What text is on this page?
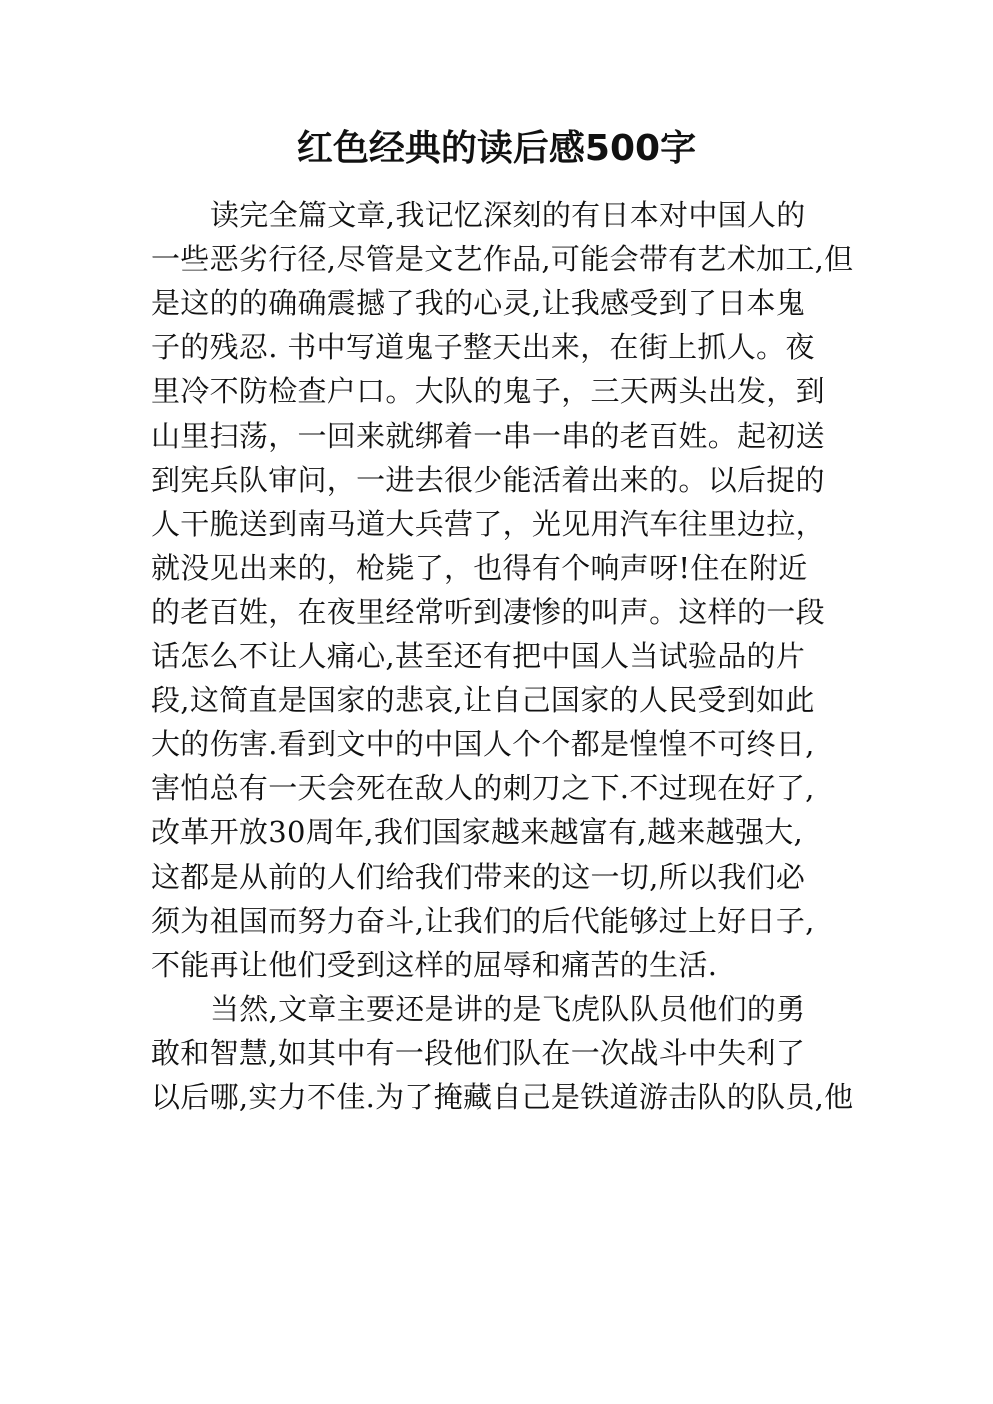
红色经典的读后感500字
读完全篇文章,我记忆深刻的有日本对中国人的
一些恶劣行径,尽管是文艺作品,可能会带有艺术加工,但
是这的的确确震撼了我的心灵,让我感受到了日本鬼
子的残忍. 书中写道鬼子整天出来，在街上抓人。夜
里冷不防检查户口。大队的鬼子，三天两头出发，到
山里扫荡，一回来就绑着一串一串的老百姓。起初送
到宪兵队审问，一进去很少能活着出来的。以后捉的
人干脆送到南马道大兵营了，光见用汽车往里边拉，
就没见出来的，枪毙了，也得有个响声呀!住在附近
的老百姓，在夜里经常听到凄惨的叫声。这样的一段
话怎么不让人痛心,甚至还有把中国人当试验品的片
段,这简直是国家的悲哀,让自己国家的人民受到如此
大的伤害.看到文中的中国人个个都是惶惶不可终日,
害怕总有一天会死在敌人的刺刀之下.不过现在好了,
改革开放30周年,我们国家越来越富有,越来越强大,
这都是从前的人们给我们带来的这一切,所以我们必
须为祖国而努力奋斗,让我们的后代能够过上好日子,
不能再让他们受到这样的屈辱和痛苦的生活.
当然,文章主要还是讲的是飞虎队队员他们的勇
敢和智慧,如其中有一段他们队在一次战斗中失利了
以后哪,实力不佳.为了掩藏自己是铁道游击队的队员,他
